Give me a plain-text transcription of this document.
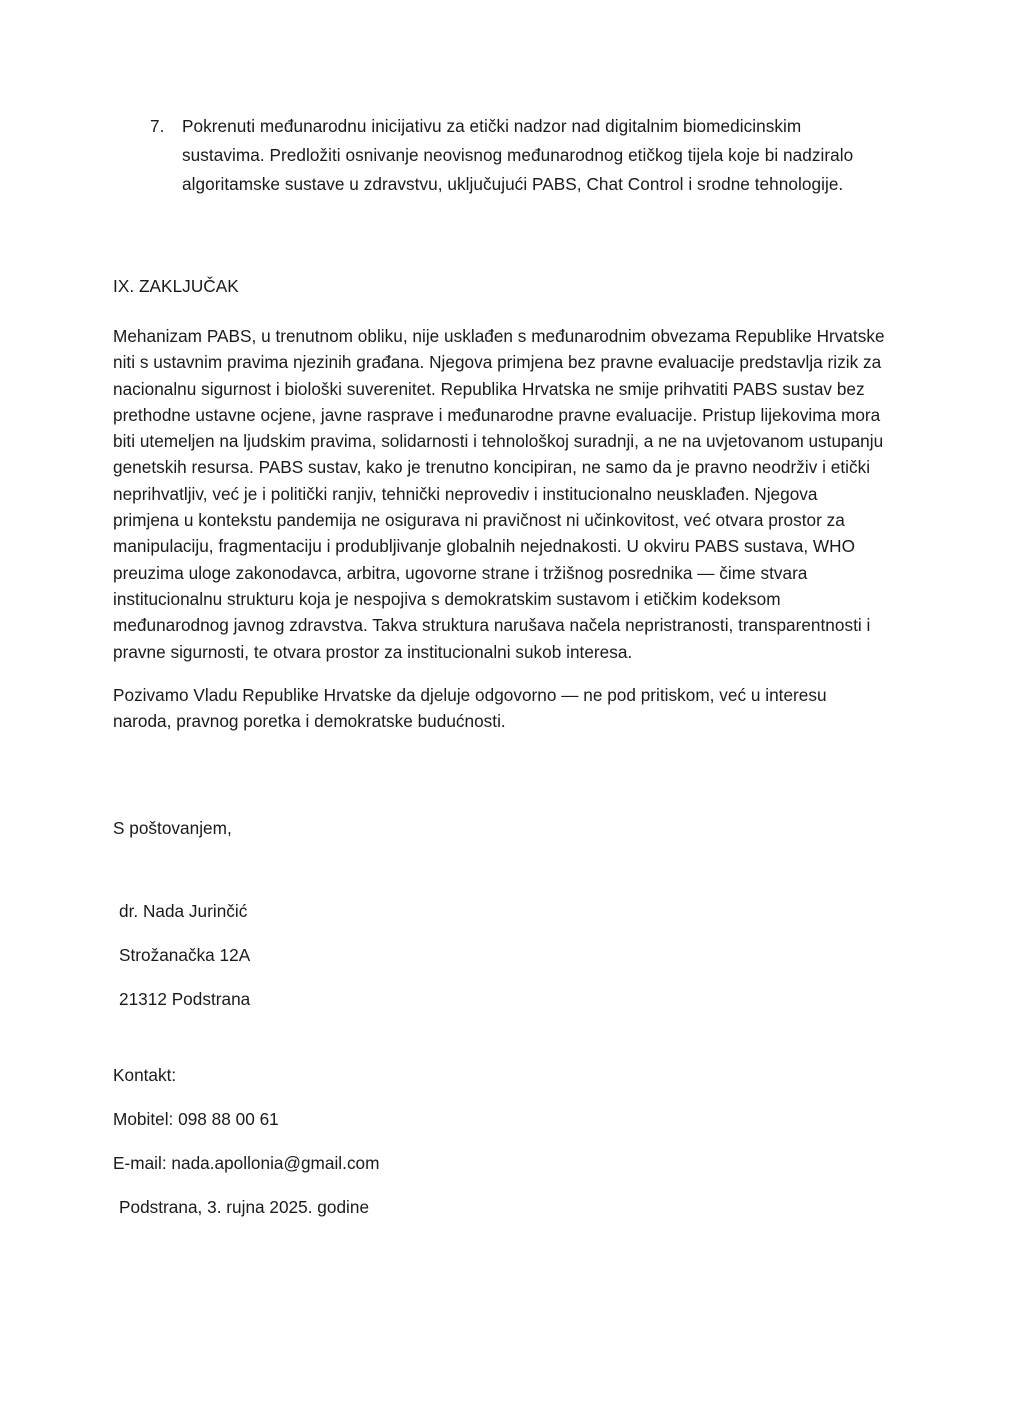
7. Pokrenuti međunarodnu inicijativu za etički nadzor nad digitalnim biomedicinskim sustavima. Predložiti osnivanje neovisnog međunarodnog etičkog tijela koje bi nadziralo algoritamske sustave u zdravstvu, uključujući PABS, Chat Control i srodne tehnologije.
IX. ZAKLJUČAK

Mehanizam PABS, u trenutnom obliku, nije usklađen s međunarodnim obvezama Republike Hrvatske niti s ustavnim pravima njezinih građana. Njegova primjena bez pravne evaluacije predstavlja rizik za nacionalnu sigurnost i biološki suverenitet. Republika Hrvatska ne smije prihvatiti PABS sustav bez prethodne ustavne ocjene, javne rasprave i međunarodne pravne evaluacije. Pristup lijekovima mora biti utemeljen na ljudskim pravima, solidarnosti i tehnološkoj suradnji, a ne na uvjetovanom ustupanju genetskih resursa. PABS sustav, kako je trenutno koncipiran, ne samo da je pravno neodrživ i etički neprihvatljiv, već je i politički ranjiv, tehnički neprovediv i institucionalno neusklađen. Njegova primjena u kontekstu pandemija ne osigurava ni pravičnost ni učinkovitost, već otvara prostor za manipulaciju, fragmentaciju i produbljivanje globalnih nejednakosti. U okviru PABS sustava, WHO preuzima uloge zakonodavca, arbitra, ugovorne strane i tržišnog posrednika — čime stvara institucionalnu strukturu koja je nespojiva s demokratskim sustavom i etičkim kodeksom međunarodnog javnog zdravstva. Takva struktura narušava načela nepristranosti, transparentnosti i pravne sigurnosti, te otvara prostor za institucionalni sukob interesa.

Pozivamo Vladu Republike Hrvatske da djeluje odgovorno — ne pod pritiskom, već u interesu naroda, pravnog poretka i demokratske budućnosti.

S poštovanjem,

dr. Nada Jurinčić

Strožanačka 12A

21312 Podstrana

Kontakt:

Mobitel: 098 88 00 61

E-mail: nada.apollonia@gmail.com

Podstrana, 3. rujna 2025. godine
